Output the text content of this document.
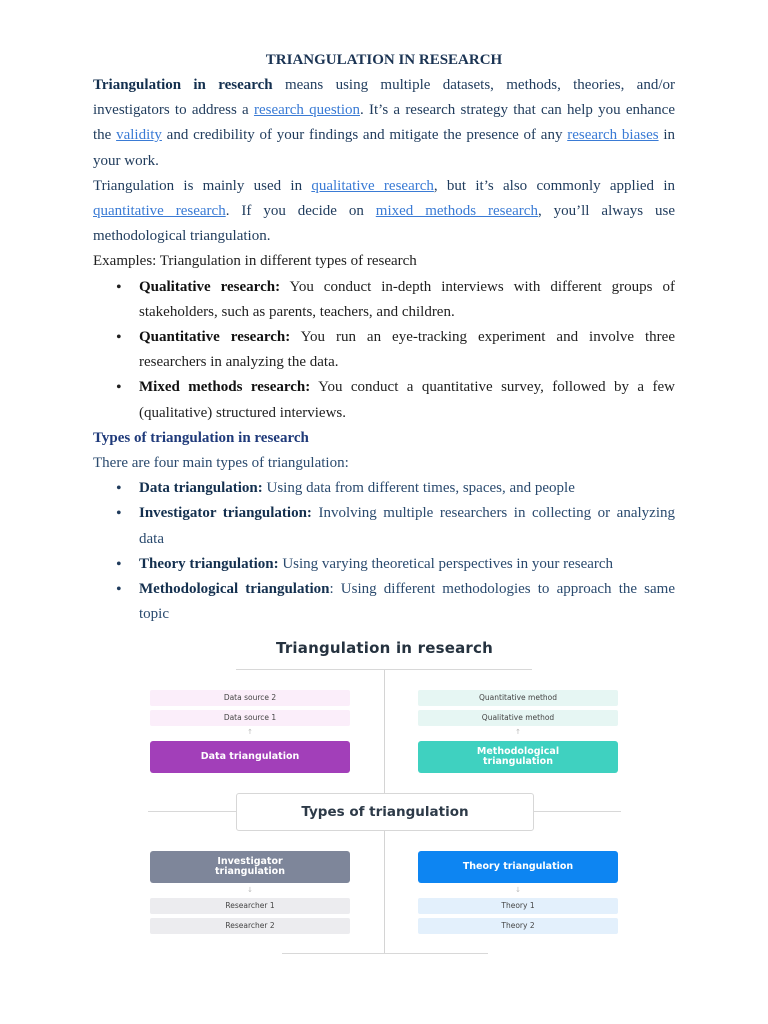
TRIANGULATION IN RESEARCH

Triangulation in research means using multiple datasets, methods, theories, and/or investigators to address a research question. It’s a research strategy that can help you enhance the validity and credibility of your findings and mitigate the presence of any research biases in your work.

Triangulation is mainly used in qualitative research, but it’s also commonly applied in quantitative research. If you decide on mixed methods research, you’ll always use methodological triangulation.

Examples: Triangulation in different types of research

• Qualitative research: You conduct in-depth interviews with different groups of stakeholders, such as parents, teachers, and children.
• Quantitative research: You run an eye-tracking experiment and involve three researchers in analyzing the data.
• Mixed methods research: You conduct a quantitative survey, followed by a few (qualitative) structured interviews.

Types of triangulation in research

There are four main types of triangulation:

• Data triangulation: Using data from different times, spaces, and people
• Investigator triangulation: Involving multiple researchers in collecting or analyzing data
• Theory triangulation: Using varying theoretical perspectives in your research
• Methodological triangulation: Using different methodologies to approach the same topic
Triangulation in research
Data source 2
Data source 1
↑
Data triangulation
Quantitative method
Qualitative method
↑
Methodological triangulation
Types of triangulation
Investigator triangulation
↓
Researcher 1
Researcher 2
Theory triangulation
↓
Theory 1
Theory 2
